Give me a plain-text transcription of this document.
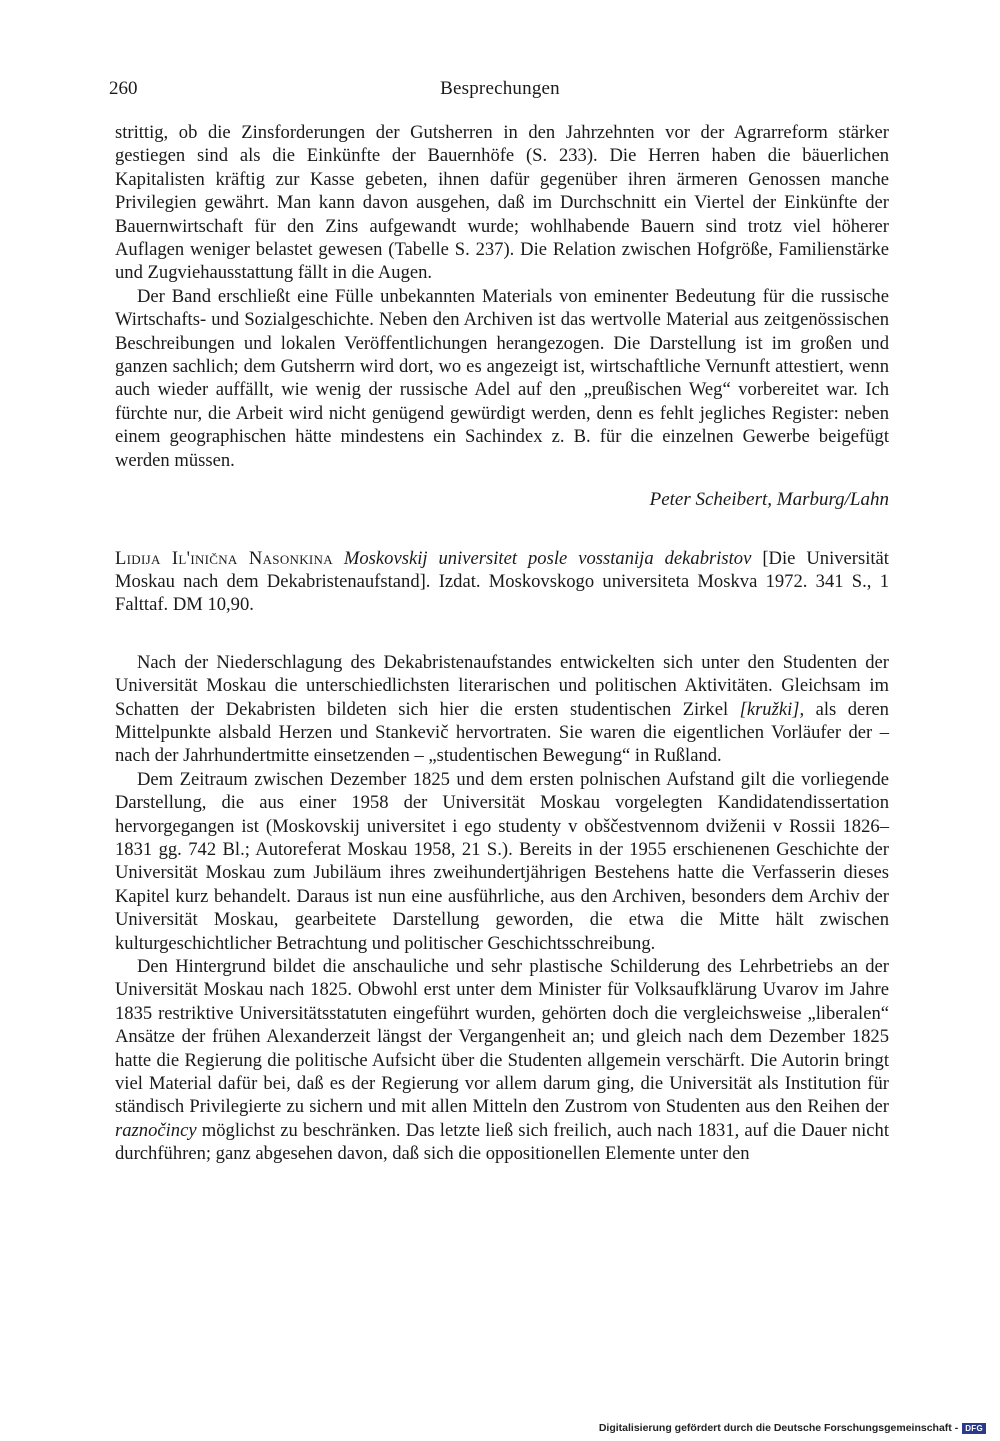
260	Besprechungen

strittig, ob die Zinsforderungen der Gutsherren in den Jahrzehnten vor der Agrarreform stärker gestiegen sind als die Einkünfte der Bauernhöfe (S. 233). Die Herren haben die bäuerlichen Kapitalisten kräftig zur Kasse gebeten, ihnen dafür gegenüber ihren ärmeren Genossen manche Privilegien gewährt. Man kann davon ausgehen, daß im Durchschnitt ein Viertel der Einkünfte der Bauernwirtschaft für den Zins aufgewandt wurde; wohlhabende Bauern sind trotz viel höherer Auflagen weniger belastet gewesen (Tabelle S. 237). Die Relation zwischen Hofgröße, Familienstärke und Zugviehausstattung fällt in die Augen.

Der Band erschließt eine Fülle unbekannten Materials von eminenter Bedeutung für die russische Wirtschafts- und Sozialgeschichte. Neben den Archiven ist das wertvolle Material aus zeitgenössischen Beschreibungen und lokalen Veröffentlichungen herangezogen. Die Darstellung ist im großen und ganzen sachlich; dem Gutsherrn wird dort, wo es angezeigt ist, wirtschaftliche Vernunft attestiert, wenn auch wieder auffällt, wie wenig der russische Adel auf den „preußischen Weg“ vorbereitet war. Ich fürchte nur, die Arbeit wird nicht genügend gewürdigt werden, denn es fehlt jegliches Register: neben einem geographischen hätte mindestens ein Sachindex z. B. für die einzelnen Gewerbe beigefügt werden müssen.

Peter Scheibert, Marburg/Lahn

Lidija Il'inična Nasonkina Moskovskij universitet posle vosstanija dekabristov [Die Universität Moskau nach dem Dekabristenaufstand]. Izdat. Moskovskogo universiteta Moskva 1972. 341 S., 1 Falttaf. DM 10,90.

Nach der Niederschlagung des Dekabristenaufstandes entwickelten sich unter den Studenten der Universität Moskau die unterschiedlichsten literarischen und politischen Aktivitäten. Gleichsam im Schatten der Dekabristen bildeten sich hier die ersten studentischen Zirkel [kružki], als deren Mittelpunkte alsbald Herzen und Stankevič hervortraten. Sie waren die eigentlichen Vorläufer der – nach der Jahrhundertmitte einsetzenden – „studentischen Bewegung“ in Rußland.

Dem Zeitraum zwischen Dezember 1825 und dem ersten polnischen Aufstand gilt die vorliegende Darstellung, die aus einer 1958 der Universität Moskau vorgelegten Kandidatendissertation hervorgegangen ist (Moskovskij universitet i ego studenty v obščestvennom dviženii v Rossii 1826–1831 gg. 742 Bl.; Autoreferat Moskau 1958, 21 S.). Bereits in der 1955 erschienenen Geschichte der Universität Moskau zum Jubiläum ihres zweihundertjährigen Bestehens hatte die Verfasserin dieses Kapitel kurz behandelt. Daraus ist nun eine ausführliche, aus den Archiven, besonders dem Archiv der Universität Moskau, gearbeitete Darstellung geworden, die etwa die Mitte hält zwischen kulturgeschichtlicher Betrachtung und politischer Geschichtsschreibung.

Den Hintergrund bildet die anschauliche und sehr plastische Schilderung des Lehrbetriebs an der Universität Moskau nach 1825. Obwohl erst unter dem Minister für Volksaufklärung Uvarov im Jahre 1835 restriktive Universitätsstatuten eingeführt wurden, gehörten doch die vergleichsweise „liberalen“ Ansätze der frühen Alexanderzeit längst der Vergangenheit an; und gleich nach dem Dezember 1825 hatte die Regierung die politische Aufsicht über die Studenten allgemein verschärft. Die Autorin bringt viel Material dafür bei, daß es der Regierung vor allem darum ging, die Universität als Institution für ständisch Privilegierte zu sichern und mit allen Mitteln den Zustrom von Studenten aus den Reihen der raznočincy möglichst zu beschränken. Das letzte ließ sich freilich, auch nach 1831, auf die Dauer nicht durchführen; ganz abgesehen davon, daß sich die oppositionellen Elemente unter den

Digitalisierung gefördert durch die Deutsche Forschungsgemeinschaft - DFG
